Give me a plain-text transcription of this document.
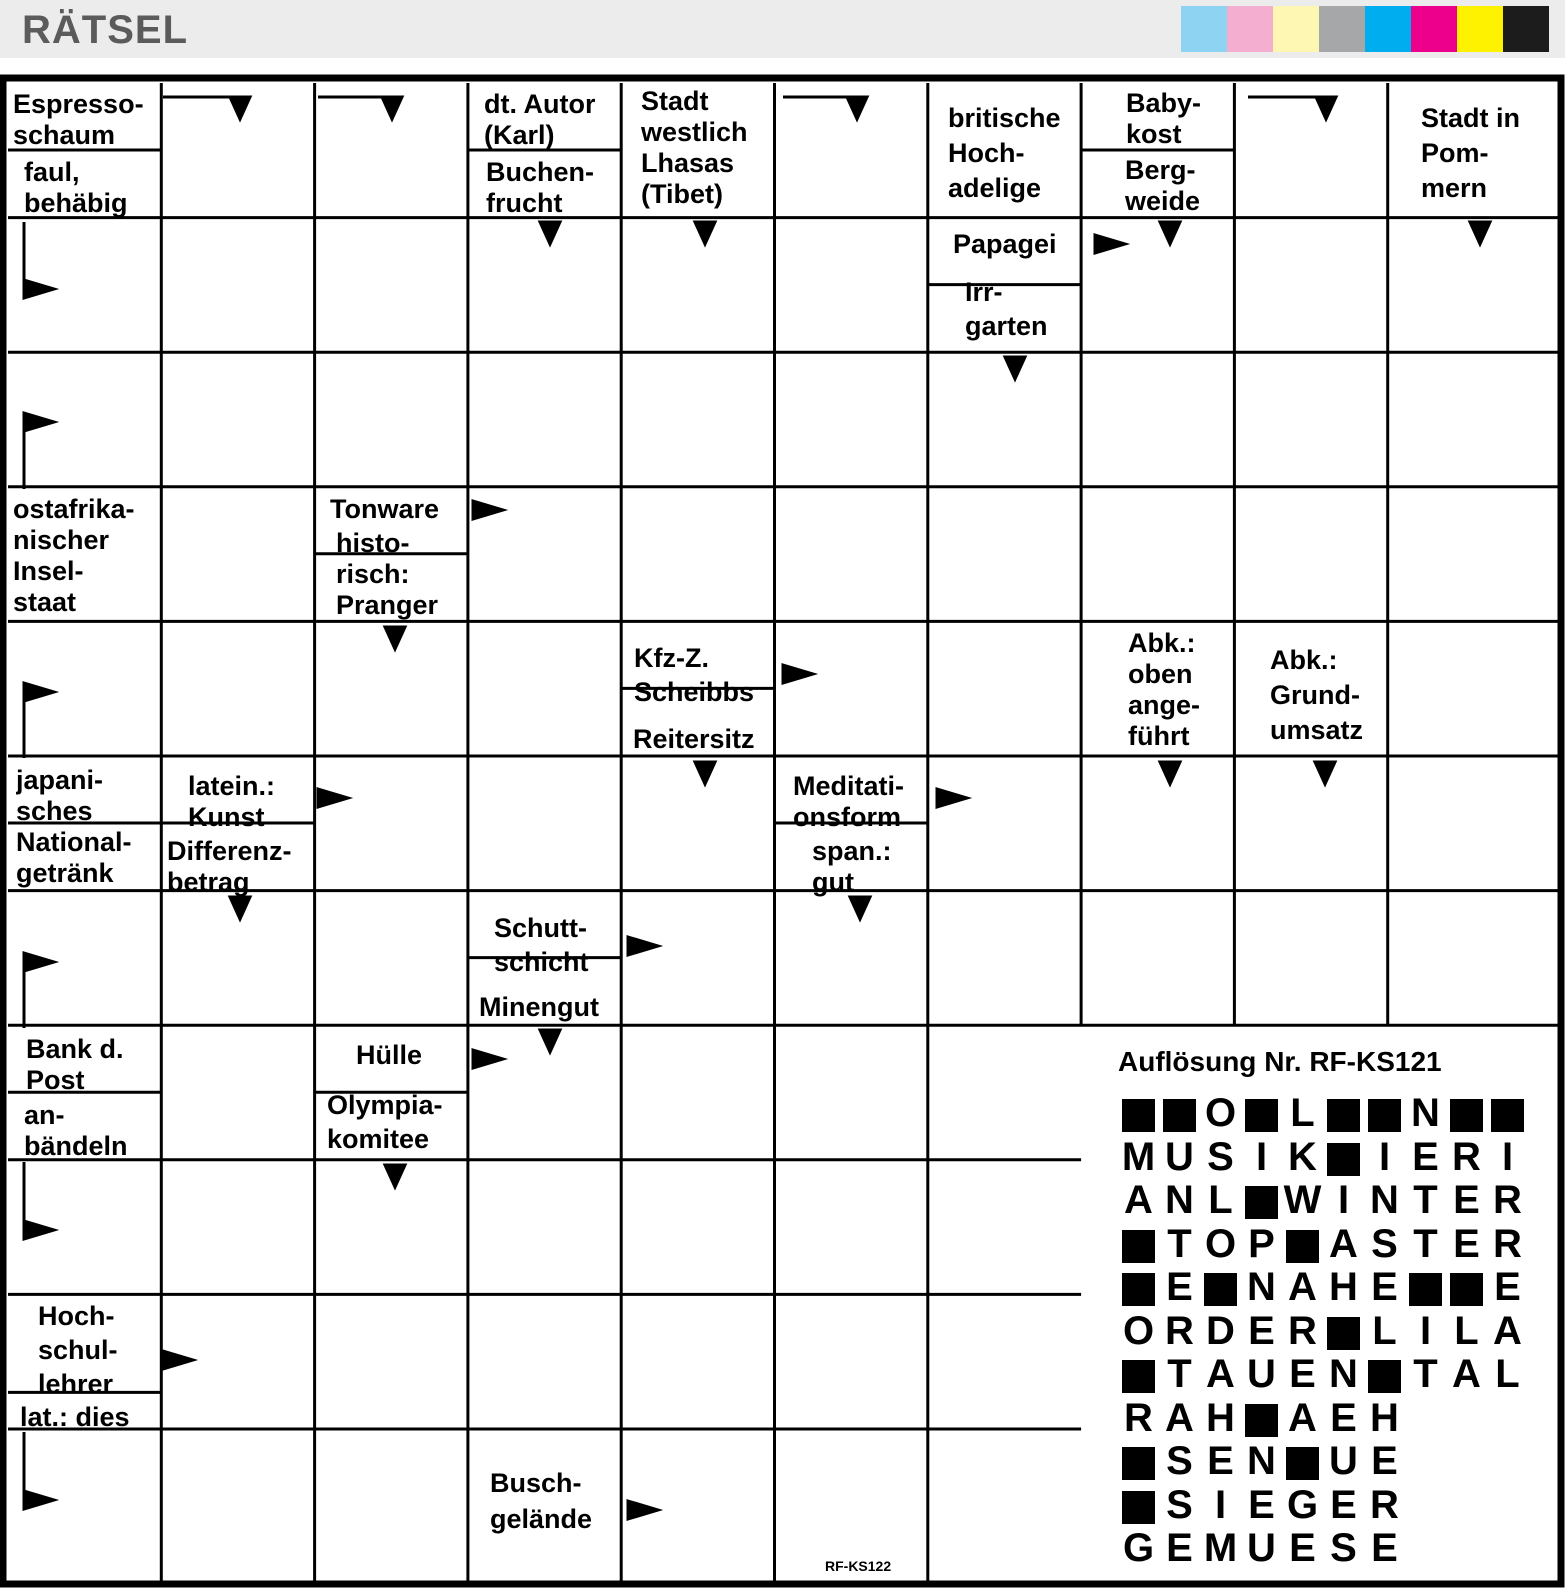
RÄTSEL
Espresso-
schaum
faul,
behäbig
dt. Autor
(Karl)
Buchen-
frucht
Stadt
westlich
Lhasas
(Tibet)
britische
Hoch-
adelige
Baby-
kost
Berg-
weide
Stadt in
Pom-
mern
Papagei
Irr-
garten
ostafrika-
nischer
Insel-
staat
Tonware
histo-
risch:
Pranger
Kfz-Z.
Scheibbs
Reitersitz
Abk.:
oben
ange-
führt
Abk.:
Grund-
umsatz
japani-
sches
National-
getränk
latein.:
Kunst
Differenz-
betrag
Meditati-
onsform
span.:
gut
Schutt-
schicht
Minengut
Bank d.
Post
an-
bändeln
Hülle
Olympia-
komitee
Hoch-
schul-
lehrer
lat.: dies
Busch-
gelände
Auflösung Nr. RF-KS121
O L N
M U S I K	I E R I
A N L W I N T E R
T O P A S T E R
E N A H E E
O R D E R L I L A
T A U E N T A L
R A H A E H
S E N U E
S I E G E R
G E M U E S E
RF-KS122
